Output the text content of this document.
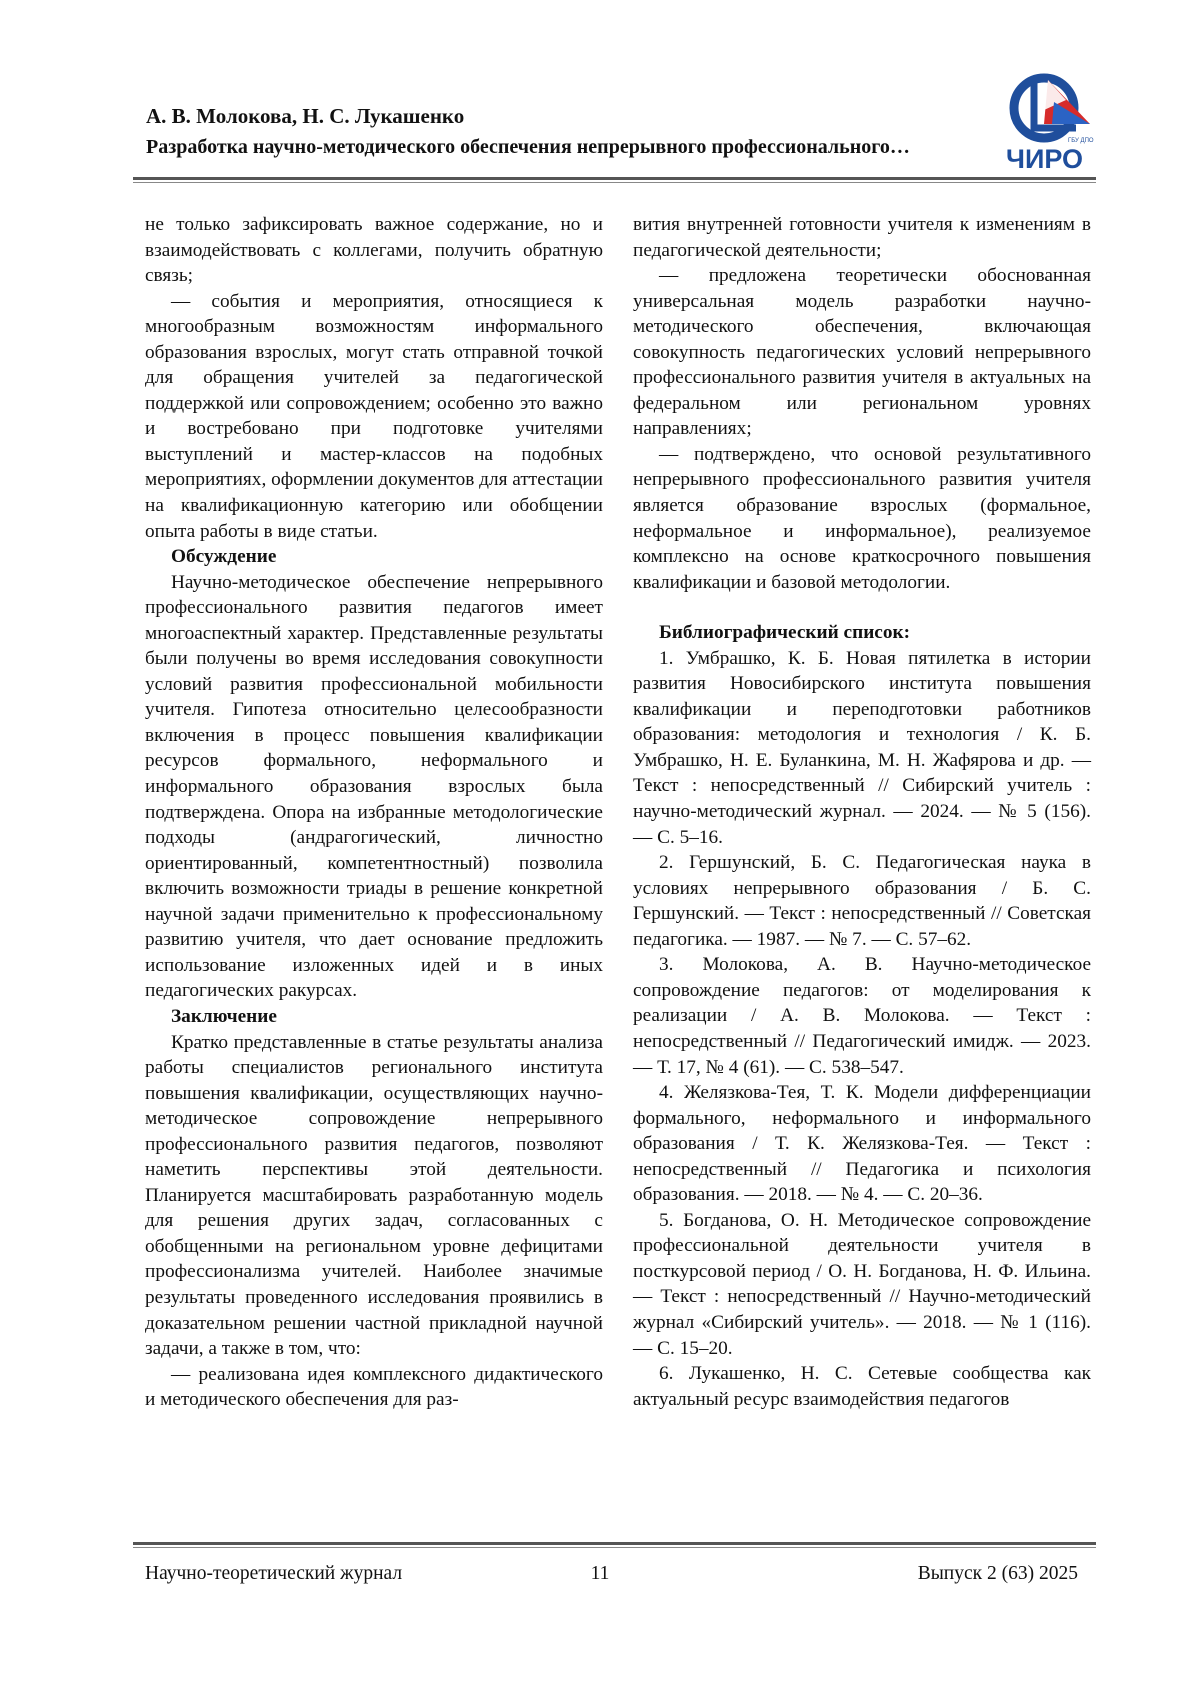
А. В. Молокова, Н. С. Лукашенко
Разработка научно-методического обеспечения непрерывного профессионального…	ГБУ ДПО
ЧИРО

не только зафиксировать важное содержание, но и взаимодействовать с коллегами, получить обратную связь;

— события и мероприятия, относящиеся к многообразным возможностям информального образования взрослых, могут стать отправной точкой для обращения учителей за педагогической поддержкой или сопровождением; особенно это важно и востребовано при подготовке учителями выступлений и мастер-классов на подобных мероприятиях, оформлении документов для аттестации на квалификационную категорию или обобщении опыта работы в виде статьи.

Обсуждение

Научно-методическое обеспечение непрерывного профессионального развития педагогов имеет многоаспектный характер. Представленные результаты были получены во время исследования совокупности условий развития профессиональной мобильности учителя. Гипотеза относительно целесообразности включения в процесс повышения квалификации ресурсов формального, неформального и информального образования взрослых была подтверждена. Опора на избранные методологические подходы (андрагогический, личностно ориентированный, компетентностный) позволила включить возможности триады в решение конкретной научной задачи применительно к профессиональному развитию учителя, что дает основание предложить использование изложенных идей и в иных педагогических ракурсах.

Заключение

Кратко представленные в статье результаты анализа работы специалистов регионального института повышения квалификации, осуществляющих научно-методическое сопровождение непрерывного профессионального развития педагогов, позволяют наметить перспективы этой деятельности. Планируется масштабировать разработанную модель для решения других задач, согласованных с обобщенными на региональном уровне дефицитами профессионализма учителей. Наиболее значимые результаты проведенного исследования проявились в доказательном решении частной прикладной научной задачи, а также в том, что:

— реализована идея комплексного дидактического и методического обеспечения для раз-

вития внутренней готовности учителя к изменениям в педагогической деятельности;

— предложена теоретически обоснованная универсальная модель разработки научно-методического обеспечения, включающая совокупность педагогических условий непрерывного профессионального развития учителя в актуальных на федеральном или региональном уровнях направлениях;

— подтверждено, что основой результативного непрерывного профессионального развития учителя является образование взрослых (формальное, неформальное и информальное), реализуемое комплексно на основе краткосрочного повышения квалификации и базовой методологии.

Библиографический список:

1. Умбрашко, К. Б. Новая пятилетка в истории развития Новосибирского института повышения квалификации и переподготовки работников образования: методология и технология / К. Б. Умбрашко, Н. Е. Буланкина, М. Н. Жафярова и др. — Текст : непосредственный // Сибирский учитель : научно-методический журнал. — 2024. — № 5 (156). — С. 5–16.

2. Гершунский, Б. С. Педагогическая наука в условиях непрерывного образования / Б. С. Гершунский. — Текст : непосредственный // Советская педагогика. — 1987. — № 7. — С. 57–62.

3. Молокова, А. В. Научно-методическое сопровождение педагогов: от моделирования к реализации / А. В. Молокова. — Текст : непосредственный // Педагогический имидж. — 2023. — Т. 17, № 4 (61). — С. 538–547.

4. Желязкова-Тея, Т. К. Модели дифференциации формального, неформального и информального образования / Т. К. Желязкова-Тея. — Текст : непосредственный // Педагогика и психология образования. — 2018. — № 4. — С. 20–36.

5. Богданова, О. Н. Методическое сопровождение профессиональной деятельности учителя в посткурсовой период / О. Н. Богданова, Н. Ф. Ильина. — Текст : непосредственный // Научно-методический журнал «Сибирский учитель». — 2018. — № 1 (116). — С. 15–20.

6. Лукашенко, Н. С. Сетевые сообщества как актуальный ресурс взаимодействия педагогов

Научно-теоретический журнал	11	Выпуск 2 (63) 2025
